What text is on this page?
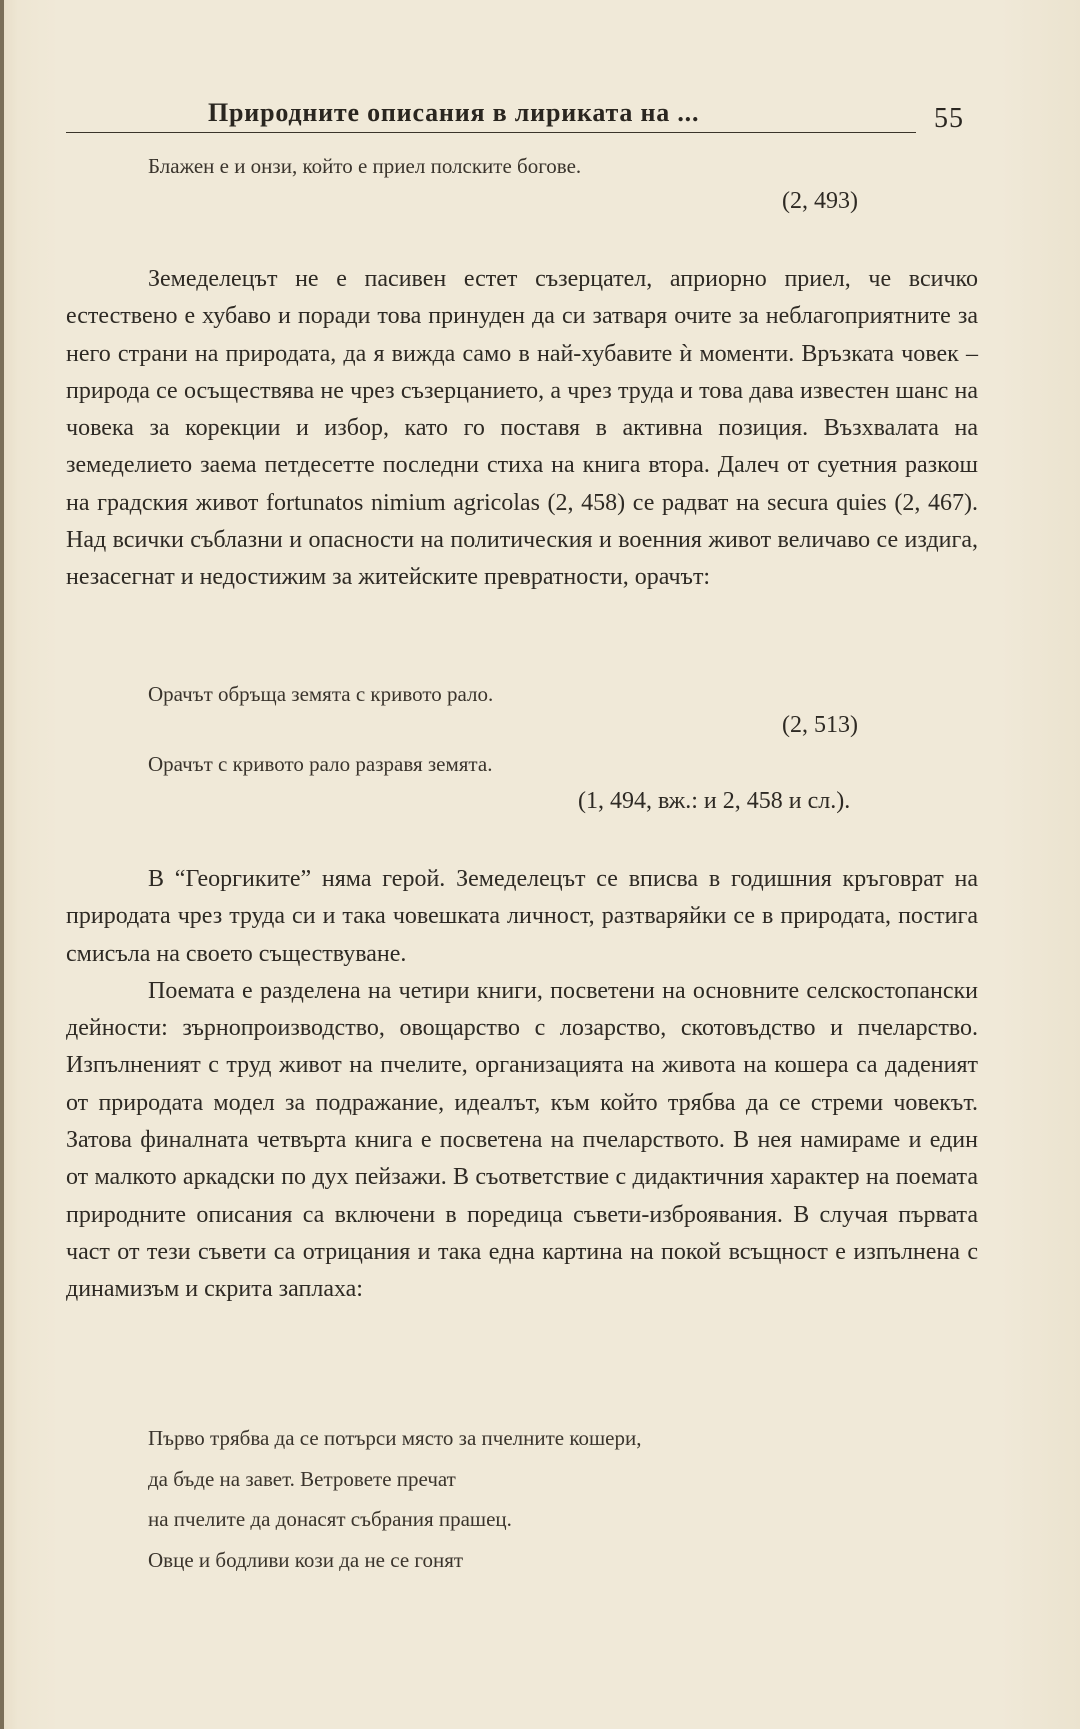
Природните описания в лириката на ...	55
Блажен е и онзи, който е приел полските богове.
(2, 493)

Земеделецът не е пасивен естет съзерцател, априорно приел, че всичко естествено е хубаво и поради това принуден да си затваря очите за неблагоприятните за него страни на природата, да я вижда само в най-хубавите ѝ моменти. Връзката човек – природа се осъществява не чрез съзерцанието, а чрез труда и това дава известен шанс на човека за корекции и избор, като го поставя в активна позиция. Възхвалата на земеделието заема петдесетте последни стиха на книга втора. Далеч от суетния разкош на градския живот fortunatos nimium agricolas (2, 458) се радват на secura quies (2, 467). Над всички съблазни и опасности на политическия и военния живот величаво се издига, незасегнат и недостижим за житейските превратности, орачът:

Орачът обръща земята с кривото рало.
(2, 513)
Орачът с кривото рало разравя земята.
(1, 494, вж.: и 2, 458 и сл.).

В “Георгиките” няма герой. Земеделецът се вписва в годишния кръговрат на природата чрез труда си и така човешката личност, разтваряйки се в природата, постига смисъла на своето съществуване.

Поемата е разделена на четири книги, посветени на основните селскостопански дейности: зърнопроизводство, овощарство с лозарство, скотовъдство и пчеларство. Изпълненият с труд живот на пчелите, организацията на живота на кошера са даденият от природата модел за подражание, идеалът, към който трябва да се стреми човекът. Затова финалната четвърта книга е посветена на пчеларството. В нея намираме и един от малкото аркадски по дух пейзажи. В съответствие с дидактичния характер на поемата природните описания са включени в поредица съвети-изброявания. В случая първата част от тези съвети са отрицания и така една картина на покой всъщност е изпълнена с динамизъм и скрита заплаха:

Първо трябва да се потърси място за пчелните кошери,
да бъде на завет. Ветровете пречат
на пчелите да донасят събрания прашец.
Овце и бодливи кози да не се гонят
